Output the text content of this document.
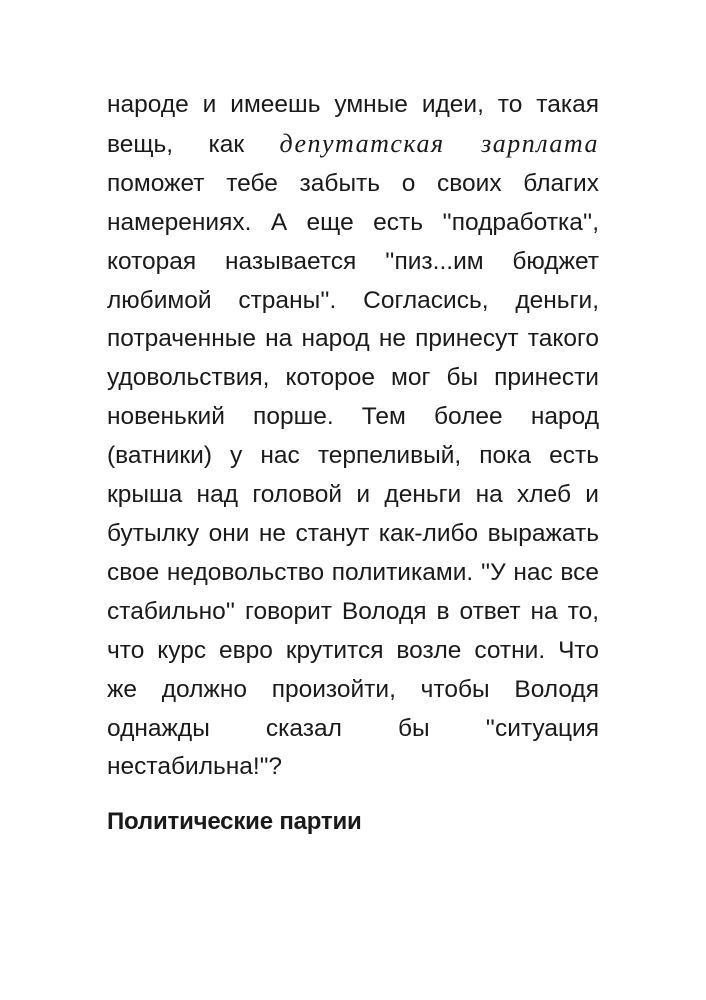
народе и имеешь умные идеи, то такая вещь, как депутатская зарплата поможет тебе забыть о своих благих намерениях. А еще есть ''подработка'', которая называется ''пиз...им бюджет любимой страны''. Согласись, деньги, потраченные на народ не принесут такого удовольствия, которое мог бы принести новенький порше. Тем более народ (ватники) у нас терпеливый, пока есть крыша над головой и деньги на хлеб и бутылку они не станут как-либо выражать свое недовольство политиками. ''У нас все стабильно'' говорит Володя в ответ на то, что курс евро крутится возле сотни. Что же должно произойти, чтобы Володя однажды сказал бы ''ситуация нестабильна!"?

Политические партии
